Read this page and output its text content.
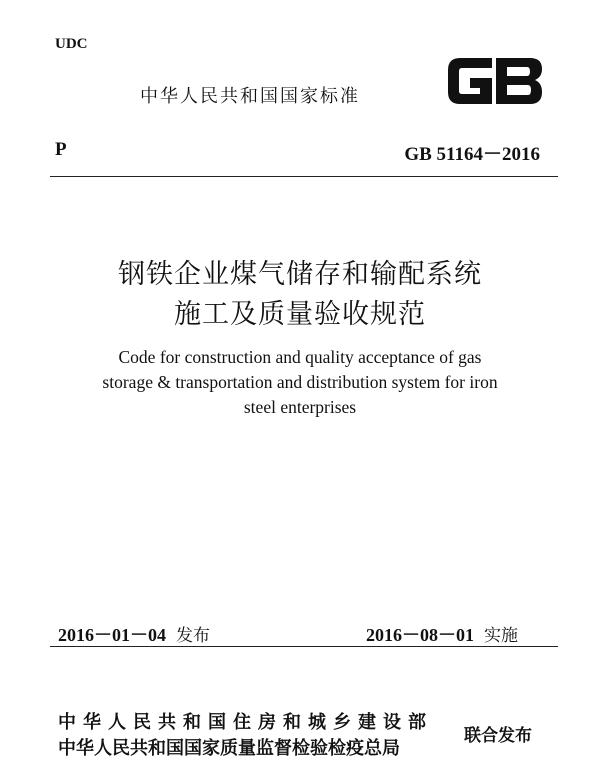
UDC
中华人民共和国国家标准
P	GB 51164－2016
钢铁企业煤气储存和输配系统
施工及质量验收规范
Code for construction and quality acceptance of gas
storage & transportation and distribution system for iron
steel enterprises
2016－01－04 发布	2016－08－01 实施
中华人民共和国住房和城乡建设部
中华人民共和国国家质量监督检验检疫总局
联合发布
